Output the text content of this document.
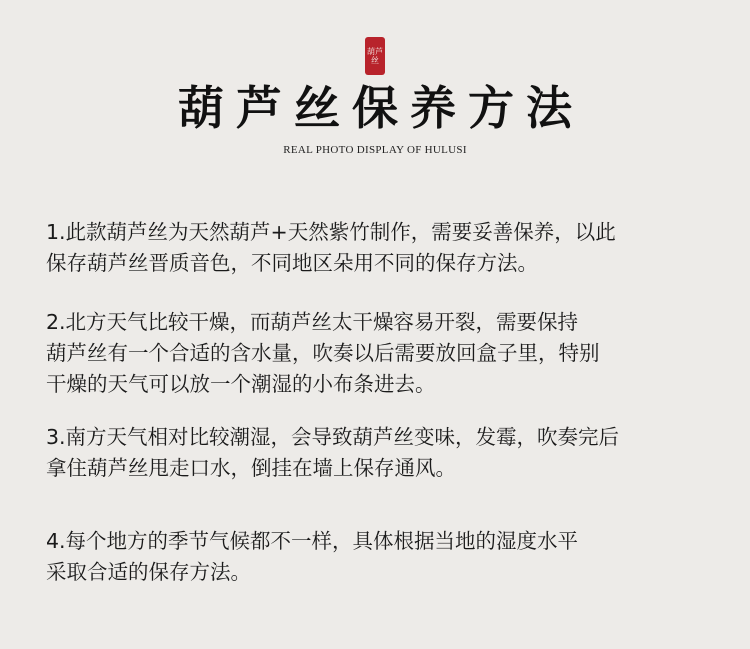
葫芦
丝
葫芦丝保养方法
REAL PHOTO DISPLAY OF HULUSI
1.此款葫芦丝为天然葫芦+天然紫竹制作，需要妥善保养，以此
保存葫芦丝晋质音色，不同地区朵用不同的保存方法。
2.北方天气比较干燥，而葫芦丝太干燥容易开裂，需要保持
葫芦丝有一个合适的含水量，吹奏以后需要放回盒子里，特别
干燥的天气可以放一个潮湿的小布条进去。
3.南方天气相对比较潮湿，会导致葫芦丝变味，发霉，吹奏完后
拿住葫芦丝甩走口水，倒挂在墙上保存通风。
4.每个地方的季节气候都不一样，具体根据当地的湿度水平
采取合适的保存方法。
